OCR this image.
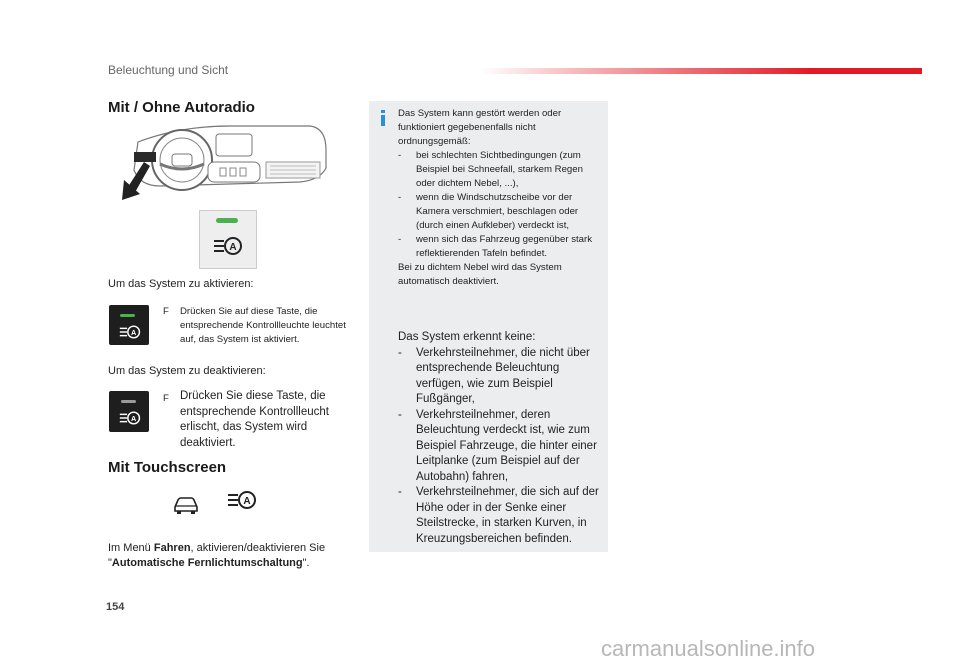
Beleuchtung und Sicht
Mit / Ohne Autoradio
A
Um das System zu aktivieren:
A
F Drücken Sie auf diese Taste, die entsprechende Kontrollleuchte leuchtet auf, das System ist aktiviert.
Um das System zu deaktivieren:
A
F Drücken Sie diese Taste, die entsprechende Kontrollleucht erlischt, das System wird deaktiviert.
Mit Touchscreen
A
Im Menü Fahren, aktivieren/deaktivieren Sie
"Automatische Fernlichtumschaltung".
Das System kann gestört werden oder funktioniert gegebenenfalls nicht ordnungsgemäß:
-	bei schlechten Sichtbedingungen (zum Beispiel bei Schneefall, starkem Regen oder dichtem Nebel, ...),
-	wenn die Windschutzscheibe vor der Kamera verschmiert, beschlagen oder (durch einen Aufkleber) verdeckt ist,
-	wenn sich das Fahrzeug gegenüber stark reflektierenden Tafeln befindet.
Bei zu dichtem Nebel wird das System automatisch deaktiviert.
Das System erkennt keine:
-	Verkehrsteilnehmer, die nicht über entsprechende Beleuchtung verfügen, wie zum Beispiel Fußgänger,
-	Verkehrsteilnehmer, deren Beleuchtung verdeckt ist, wie zum Beispiel Fahrzeuge, die hinter einer Leitplanke (zum Beispiel auf der Autobahn) fahren,
-	Verkehrsteilnehmer, die sich auf der Höhe oder in der Senke einer Steilstrecke, in starken Kurven, in Kreuzungsbereichen befinden.
154
carmanualsonline.info
